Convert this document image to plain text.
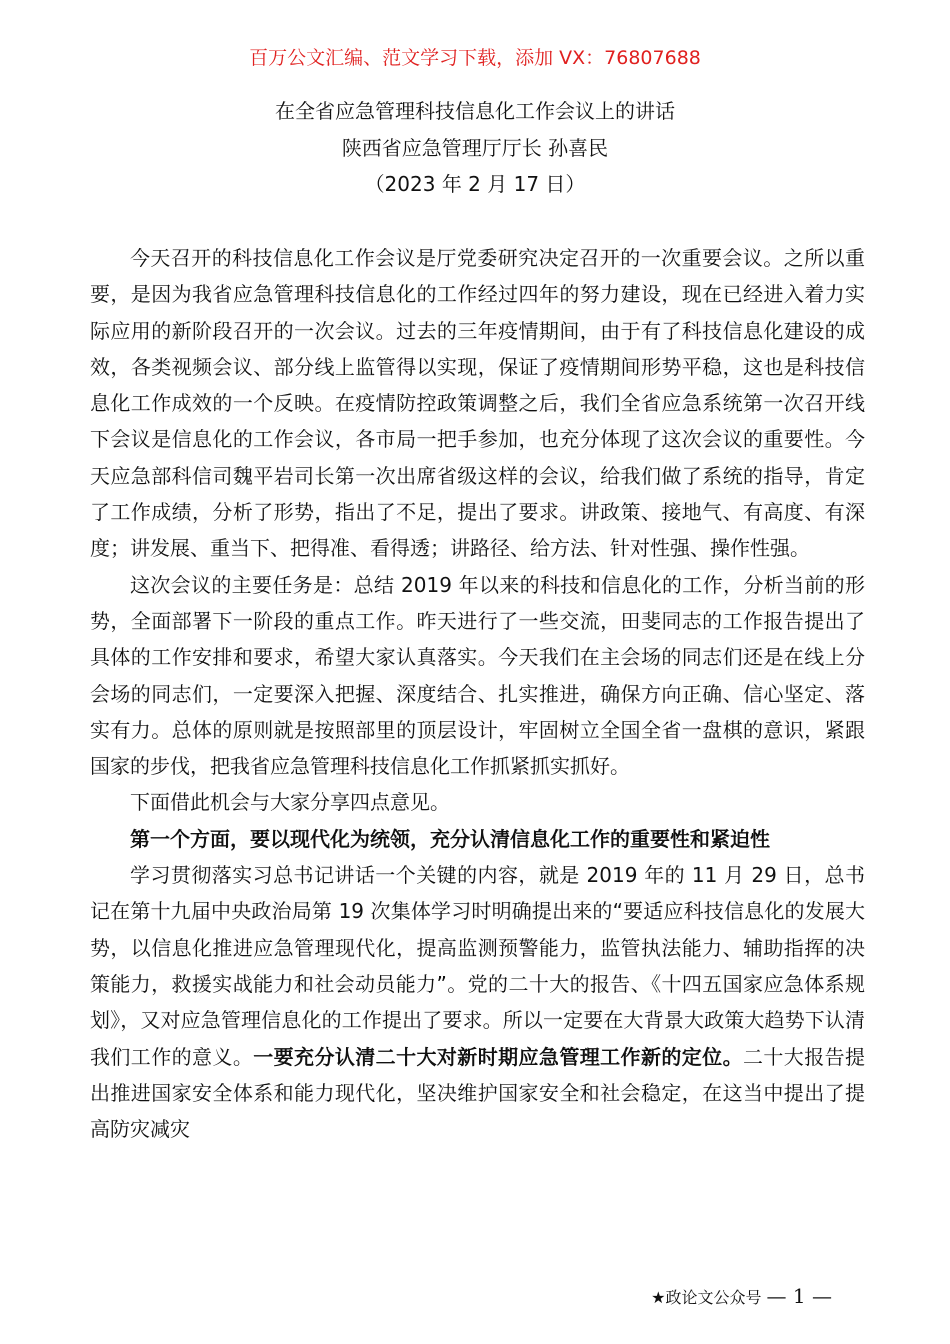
百万公文汇编、范文学习下载，添加 VX：76807688
在全省应急管理科技信息化工作会议上的讲话
陕西省应急管理厅厅长 孙喜民
（2023 年 2 月 17 日）

今天召开的科技信息化工作会议是厅党委研究决定召开的一次重要会议。之所以重要，是因为我省应急管理科技信息化的工作经过四年的努力建设，现在已经进入着力实际应用的新阶段召开的一次会议。过去的三年疫情期间，由于有了科技信息化建设的成效，各类视频会议、部分线上监管得以实现，保证了疫情期间形势平稳，这也是科技信息化工作成效的一个反映。在疫情防控政策调整之后，我们全省应急系统第一次召开线下会议是信息化的工作会议，各市局一把手参加，也充分体现了这次会议的重要性。今天应急部科信司魏平岩司长第一次出席省级这样的会议，给我们做了系统的指导，肯定了工作成绩，分析了形势，指出了不足，提出了要求。讲政策、接地气、有高度、有深度；讲发展、重当下、把得准、看得透；讲路径、给方法、针对性强、操作性强。

这次会议的主要任务是：总结 2019 年以来的科技和信息化的工作，分析当前的形势，全面部署下一阶段的重点工作。昨天进行了一些交流，田斐同志的工作报告提出了具体的工作安排和要求，希望大家认真落实。今天我们在主会场的同志们还是在线上分会场的同志们，一定要深入把握、深度结合、扎实推进，确保方向正确、信心坚定、落实有力。总体的原则就是按照部里的顶层设计，牢固树立全国全省一盘棋的意识，紧跟国家的步伐，把我省应急管理科技信息化工作抓紧抓实抓好。

下面借此机会与大家分享四点意见。

第一个方面，要以现代化为统领，充分认清信息化工作的重要性和紧迫性

学习贯彻落实习总书记讲话一个关键的内容，就是 2019 年的 11 月 29 日，总书记在第十九届中央政治局第 19 次集体学习时明确提出来的“要适应科技信息化的发展大势，以信息化推进应急管理现代化，提高监测预警能力，监管执法能力、辅助指挥的决策能力，救援实战能力和社会动员能力”。党的二十大的报告、《十四五国家应急体系规划》，又对应急管理信息化的工作提出了要求。所以一定要在大背景大政策大趋势下认清我们工作的意义。一要充分认清二十大对新时期应急管理工作新的定位。二十大报告提出推进国家安全体系和能力现代化，坚决维护国家安全和社会稳定，在这当中提出了提高防灾减灾

★政论文公众号 — 1 —
